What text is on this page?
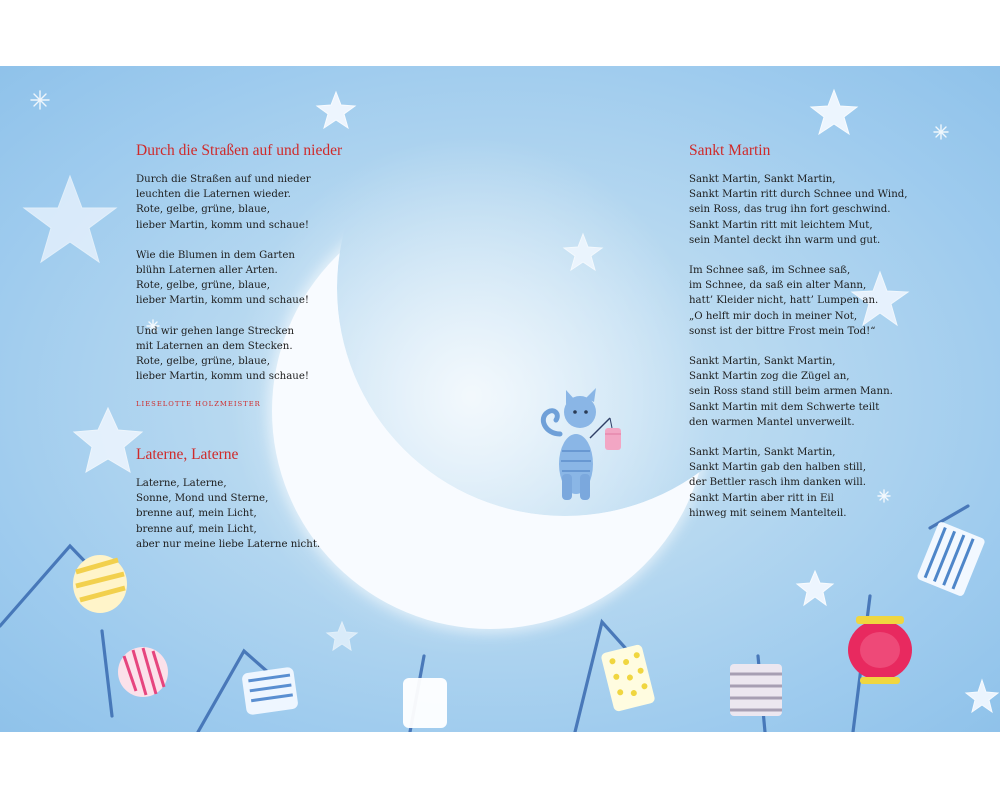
Durch die Straßen auf und nieder
Durch die Straßen auf und nieder
leuchten die Laternen wieder.
Rote, gelbe, grüne, blaue,
lieber Martin, komm und schaue!
Wie die Blumen in dem Garten
blühn Laternen aller Arten.
Rote, gelbe, grüne, blaue,
lieber Martin, komm und schaue!
Und wir gehen lange Strecken
mit Laternen an dem Stecken.
Rote, gelbe, grüne, blaue,
lieber Martin, komm und schaue!
LIESELOTTE HOLZMEISTER
Laterne, Laterne
Laterne, Laterne,
Sonne, Mond und Sterne,
brenne auf, mein Licht,
brenne auf, mein Licht,
aber nur meine liebe Laterne nicht.
Sankt Martin
Sankt Martin, Sankt Martin,
Sankt Martin ritt durch Schnee und Wind,
sein Ross, das trug ihn fort geschwind.
Sankt Martin ritt mit leichtem Mut,
sein Mantel deckt ihn warm und gut.
Im Schnee saß, im Schnee saß,
im Schnee, da saß ein alter Mann,
hatt’ Kleider nicht, hatt’ Lumpen an.
„O helft mir doch in meiner Not,
sonst ist der bittre Frost mein Tod!“
Sankt Martin, Sankt Martin,
Sankt Martin zog die Zügel an,
sein Ross stand still beim armen Mann.
Sankt Martin mit dem Schwerte teilt
den warmen Mantel unverweilt.
Sankt Martin, Sankt Martin,
Sankt Martin gab den halben still,
der Bettler rasch ihm danken will.
Sankt Martin aber ritt in Eil
hinweg mit seinem Mantelteil.
